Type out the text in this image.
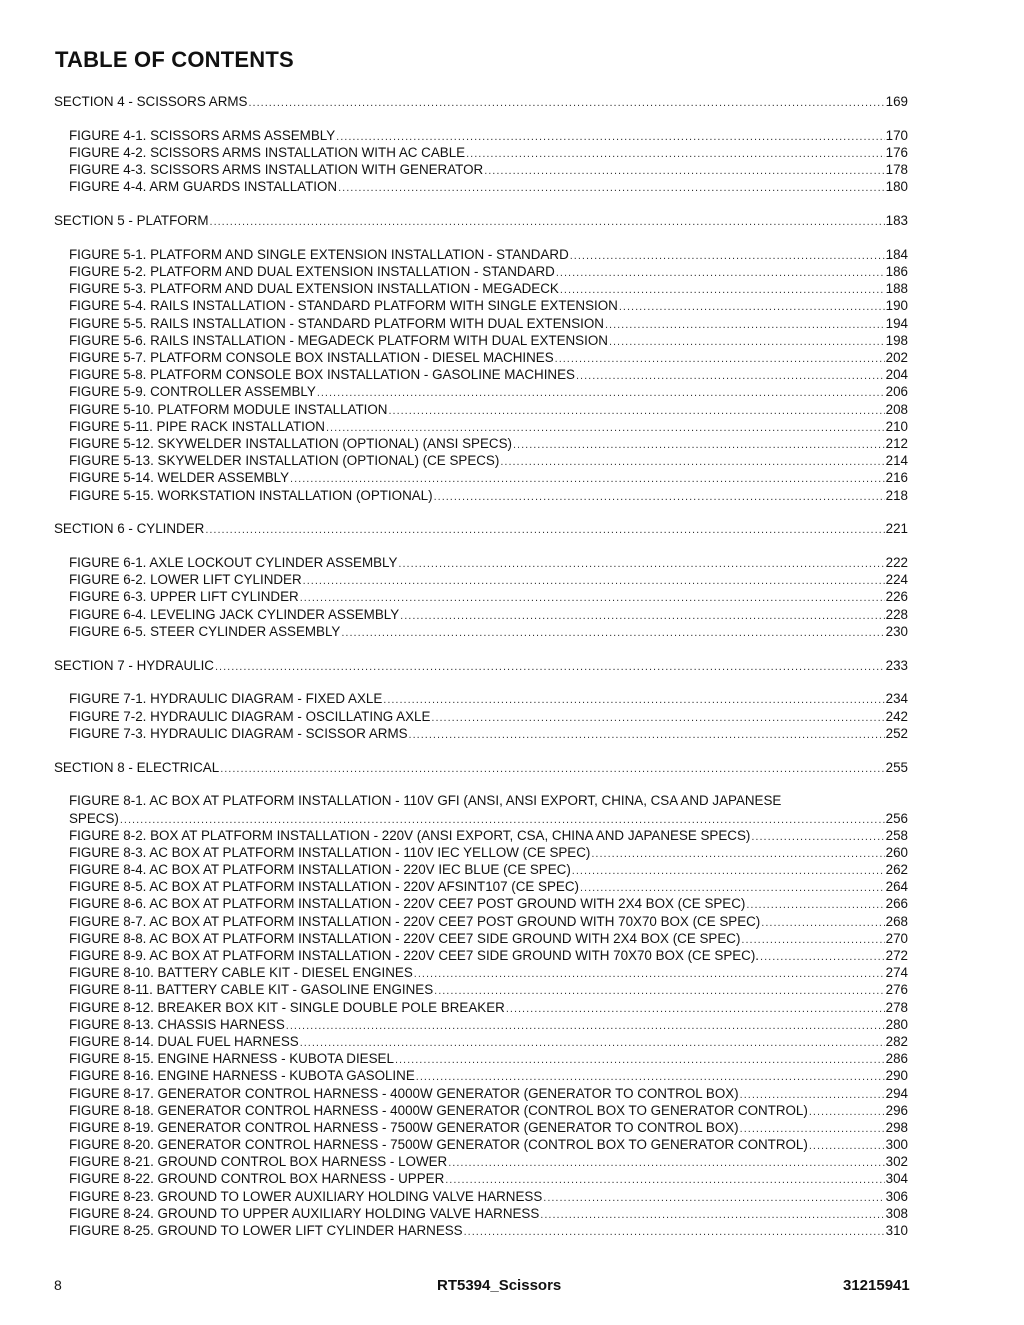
TABLE OF CONTENTS
SECTION 4 - SCISSORS ARMS .....	169
FIGURE 4-1. SCISSORS ARMS ASSEMBLY .....	170
FIGURE 4-2. SCISSORS ARMS INSTALLATION WITH AC CABLE .....	176
FIGURE 4-3. SCISSORS ARMS INSTALLATION WITH GENERATOR .....	178
FIGURE 4-4. ARM GUARDS INSTALLATION .....	180
SECTION 5 - PLATFORM .....	183
FIGURE 5-1. PLATFORM AND SINGLE EXTENSION INSTALLATION - STANDARD .....	184
FIGURE 5-2. PLATFORM AND DUAL EXTENSION INSTALLATION - STANDARD .....	186
FIGURE 5-3. PLATFORM AND DUAL EXTENSION INSTALLATION - MEGADECK .....	188
FIGURE 5-4. RAILS INSTALLATION - STANDARD PLATFORM WITH SINGLE EXTENSION .....	190
FIGURE 5-5. RAILS INSTALLATION - STANDARD PLATFORM WITH DUAL EXTENSION .....	194
FIGURE 5-6. RAILS INSTALLATION - MEGADECK PLATFORM WITH DUAL EXTENSION .....	198
FIGURE 5-7. PLATFORM CONSOLE BOX INSTALLATION - DIESEL MACHINES .....	202
FIGURE 5-8. PLATFORM CONSOLE BOX INSTALLATION - GASOLINE MACHINES .....	204
FIGURE 5-9. CONTROLLER ASSEMBLY .....	206
FIGURE 5-10. PLATFORM MODULE INSTALLATION .....	208
FIGURE 5-11. PIPE RACK INSTALLATION .....	210
FIGURE 5-12. SKYWELDER INSTALLATION (OPTIONAL) (ANSI SPECS) .....	212
FIGURE 5-13. SKYWELDER INSTALLATION (OPTIONAL) (CE SPECS) .....	214
FIGURE 5-14. WELDER ASSEMBLY .....	216
FIGURE 5-15. WORKSTATION INSTALLATION (OPTIONAL) .....	218
SECTION 6 - CYLINDER .....	221
FIGURE 6-1. AXLE LOCKOUT CYLINDER ASSEMBLY .....	222
FIGURE 6-2. LOWER LIFT CYLINDER .....	224
FIGURE 6-3. UPPER LIFT CYLINDER .....	226
FIGURE 6-4. LEVELING JACK CYLINDER ASSEMBLY .....	228
FIGURE 6-5. STEER CYLINDER ASSEMBLY .....	230
SECTION 7 - HYDRAULIC .....	233
FIGURE 7-1. HYDRAULIC DIAGRAM - FIXED AXLE .....	234
FIGURE 7-2. HYDRAULIC DIAGRAM - OSCILLATING AXLE .....	242
FIGURE 7-3. HYDRAULIC DIAGRAM - SCISSOR ARMS .....	252
SECTION 8 - ELECTRICAL .....	255
FIGURE 8-1. AC BOX AT PLATFORM INSTALLATION - 110V GFI (ANSI, ANSI EXPORT, CHINA, CSA AND JAPANESE
SPECS) .....	256
FIGURE 8-2. BOX AT PLATFORM INSTALLATION - 220V (ANSI EXPORT, CSA, CHINA AND JAPANESE SPECS) .....	258
FIGURE 8-3. AC BOX AT PLATFORM INSTALLATION - 110V IEC YELLOW (CE SPEC) .....	260
FIGURE 8-4. AC BOX AT PLATFORM INSTALLATION - 220V IEC BLUE (CE SPEC) .....	262
FIGURE 8-5. AC BOX AT PLATFORM INSTALLATION - 220V AFSINT107 (CE SPEC) .....	264
FIGURE 8-6. AC BOX AT PLATFORM INSTALLATION - 220V CEE7 POST GROUND WITH 2X4 BOX (CE SPEC) .....	266
FIGURE 8-7. AC BOX AT PLATFORM INSTALLATION - 220V CEE7 POST GROUND WITH 70X70 BOX (CE SPEC) .....	268
FIGURE 8-8. AC BOX AT PLATFORM INSTALLATION - 220V CEE7 SIDE GROUND WITH 2X4 BOX (CE SPEC) .....	270
FIGURE 8-9. AC BOX AT PLATFORM INSTALLATION - 220V CEE7 SIDE GROUND WITH 70X70 BOX (CE SPEC). .....	272
FIGURE 8-10. BATTERY CABLE KIT - DIESEL ENGINES .....	274
FIGURE 8-11. BATTERY CABLE KIT - GASOLINE ENGINES .....	276
FIGURE 8-12. BREAKER BOX KIT - SINGLE DOUBLE POLE BREAKER .....	278
FIGURE 8-13. CHASSIS HARNESS .....	280
FIGURE 8-14. DUAL FUEL HARNESS .....	282
FIGURE 8-15. ENGINE HARNESS - KUBOTA DIESEL .....	286
FIGURE 8-16. ENGINE HARNESS - KUBOTA GASOLINE .....	290
FIGURE 8-17. GENERATOR CONTROL HARNESS - 4000W GENERATOR (GENERATOR TO CONTROL BOX) .....	294
FIGURE 8-18. GENERATOR CONTROL HARNESS - 4000W GENERATOR (CONTROL BOX TO GENERATOR CONTROL) .....	296
FIGURE 8-19. GENERATOR CONTROL HARNESS - 7500W GENERATOR (GENERATOR TO CONTROL BOX) .....	298
FIGURE 8-20. GENERATOR CONTROL HARNESS - 7500W GENERATOR (CONTROL BOX TO GENERATOR CONTROL) .....	300
FIGURE 8-21. GROUND CONTROL BOX HARNESS - LOWER .....	302
FIGURE 8-22. GROUND CONTROL BOX HARNESS - UPPER .....	304
FIGURE 8-23. GROUND TO LOWER AUXILIARY HOLDING VALVE HARNESS .....	306
FIGURE 8-24. GROUND TO UPPER AUXILIARY HOLDING VALVE HARNESS .....	308
FIGURE 8-25. GROUND TO LOWER LIFT CYLINDER HARNESS .....	310
8	RT5394_Scissors	31215941
